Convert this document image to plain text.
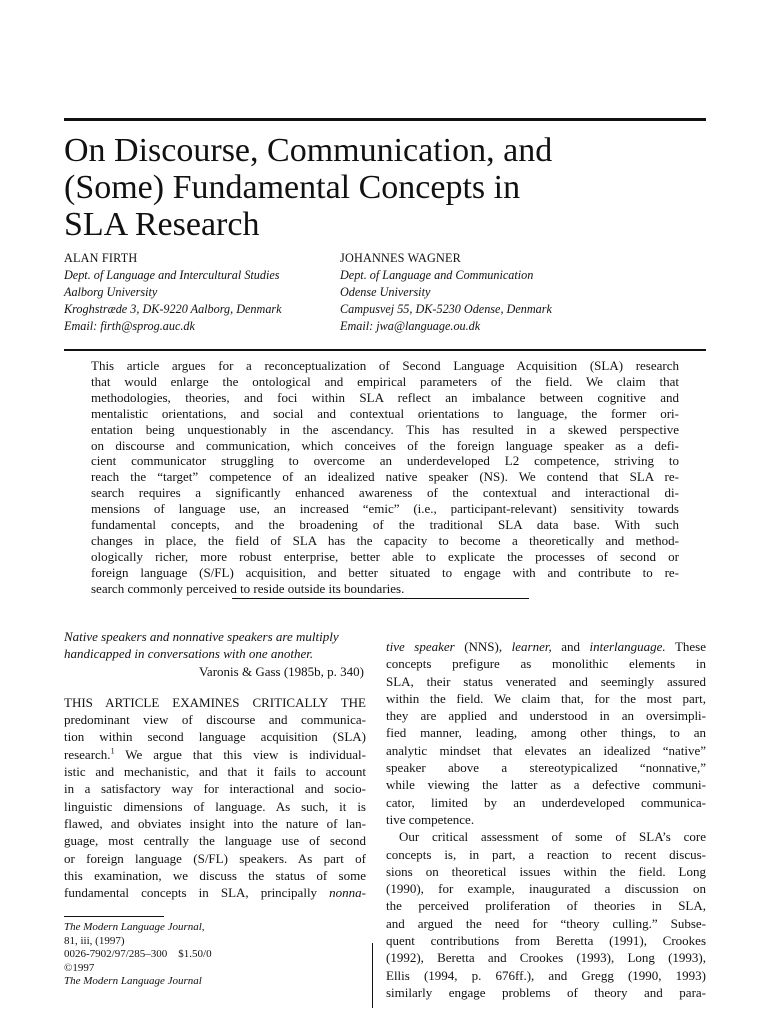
On Discourse, Communication, and
(Some) Fundamental Concepts in
SLA Research
ALAN FIRTH
Dept. of Language and Intercultural Studies
Aalborg University
Kroghstræde 3, DK-9220 Aalborg, Denmark
Email: firth@sprog.auc.dk
JOHANNES WAGNER
Dept. of Language and Communication
Odense University
Campusvej 55, DK-5230 Odense, Denmark
Email: jwa@language.ou.dk
This article argues for a reconceptualization of Second Language Acquisition (SLA) research
that would enlarge the ontological and empirical parameters of the field. We claim that
methodologies, theories, and foci within SLA reflect an imbalance between cognitive and
mentalistic orientations, and social and contextual orientations to language, the former ori-
entation being unquestionably in the ascendancy. This has resulted in a skewed perspective
on discourse and communication, which conceives of the foreign language speaker as a defi-
cient communicator struggling to overcome an underdeveloped L2 competence, striving to
reach the “target” competence of an idealized native speaker (NS). We contend that SLA re-
search requires a significantly enhanced awareness of the contextual and interactional di-
mensions of language use, an increased “emic” (i.e., participant-relevant) sensitivity towards
fundamental concepts, and the broadening of the traditional SLA data base. With such
changes in place, the field of SLA has the capacity to become a theoretically and method-
ologically richer, more robust enterprise, better able to explicate the processes of second or
foreign language (S/FL) acquisition, and better situated to engage with and contribute to re-
search commonly perceived to reside outside its boundaries.
Native speakers and nonnative speakers are multiply
handicapped in conversations with one another.
Varonis & Gass (1985b, p. 340)
THIS ARTICLE EXAMINES CRITICALLY THE
predominant view of discourse and communica-
tion within second language acquisition (SLA)
research.$^1$ We argue that this view is individual-
istic and mechanistic, and that it fails to account
in a satisfactory way for interactional and socio-
linguistic dimensions of language. As such, it is
flawed, and obviates insight into the nature of lan-
guage, most centrally the language use of second
or foreign language (S/FL) speakers. As part of
this examination, we discuss the status of some
fundamental concepts in SLA, principally nonna-
The Modern Language Journal,
81, iii, (1997)
0026-7902/97/285–300 $1.50/0
©1997
The Modern Language Journal
tive speaker (NNS), learner, and interlanguage. These
concepts prefigure as monolithic elements in
SLA, their status venerated and seemingly assured
within the field. We claim that, for the most part,
they are applied and understood in an oversimpli-
fied manner, leading, among other things, to an
analytic mindset that elevates an idealized “native”
speaker above a stereotypicalized “nonnative,”
while viewing the latter as a defective communi-
cator, limited by an underdeveloped communica-
tive competence.
 Our critical assessment of some of SLA’s core
concepts is, in part, a reaction to recent discus-
sions on theoretical issues within the field. Long
(1990), for example, inaugurated a discussion on
the perceived proliferation of theories in SLA,
and argued the need for “theory culling.” Subse-
quent contributions from Beretta (1991), Crookes
(1992), Beretta and Crookes (1993), Long (1993),
Ellis (1994, p. 676ff.), and Gregg (1990, 1993)
similarly engage problems of theory and para-
